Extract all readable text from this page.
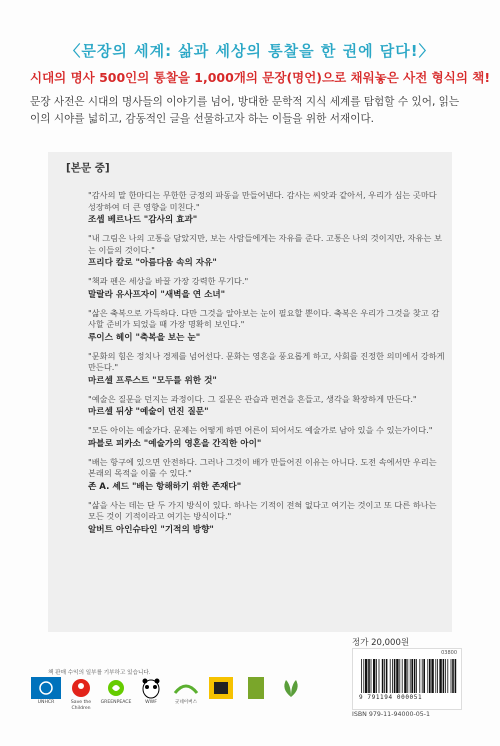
〈문장의 세계: 삶과 세상의 통찰을 한 권에 담다!〉
시대의 명사 500인의 통찰을 1,000개의 문장(명언)으로 채워놓은 사전 형식의 책!
문장 사전은 시대의 명사들의 이야기를 넘어, 방대한 문학적 지식 세계를 탐험할 수 있어, 읽는 이의 시야를 넓히고, 감동적인 글을 선물하고자 하는 이들을 위한 서재이다.
[본문 중]
"감사의 말 한마디는 무한한 긍정의 파동을 만들어낸다. 감사는 씨앗과 같아서, 우리가 심는 곳마다 성장하여 더 큰 영향을 미친다."
조셉 베르나드 "감사의 효과"
"내 그림은 나의 고통을 담았지만, 보는 사람들에게는 자유를 준다. 고통은 나의 것이지만, 자유는 보는 이들의 것이다."
프리다 칼로 "아름다움 속의 자유"
"책과 펜은 세상을 바꿀 가장 강력한 무기다."
말랄라 유사프자이 "새벽을 연 소녀"
"삶은 축복으로 가득하다. 다만 그것을 알아보는 눈이 필요할 뿐이다. 축복은 우리가 그것을 찾고 감사할 준비가 되었을 때 가장 명확히 보인다."
루이스 헤이 "축복을 보는 눈"
"문화의 힘은 정치나 경제를 넘어선다. 문화는 영혼을 풍요롭게 하고, 사회를 진정한 의미에서 강하게 만든다."
마르셀 프루스트 "모두를 위한 것"
"예술은 질문을 던지는 과정이다. 그 질문은 관습과 편견을 흔들고, 생각을 확장하게 만든다."
마르셀 뒤샹 "예술이 던진 질문"
"모든 아이는 예술가다. 문제는 어떻게 하면 어른이 되어서도 예술가로 남아 있을 수 있는가이다."
파블로 피카소 "예술가의 영혼을 간직한 아이"
"배는 항구에 있으면 안전하다. 그러나 그것이 배가 만들어진 이유는 아니다. 도전 속에서만 우리는 본래의 목적을 이룰 수 있다."
존 A. 셰드 "배는 항해하기 위한 존재다"
"삶을 사는 데는 단 두 가지 방식이 있다. 하나는 기적이 전혀 없다고 여기는 것이고 또 다른 하나는 모든 것이 기적이라고 여기는 방식이다."
알버트 아인슈타인 "기적의 방향"
정가 20,000원
03800
9 791194 000051
ISBN 979-11-94000-05-1
책 판매 수익의 일부를 기부하고 있습니다.
UNHCR	Save the Children
GREENPEACE	WWF	굿네이버스
